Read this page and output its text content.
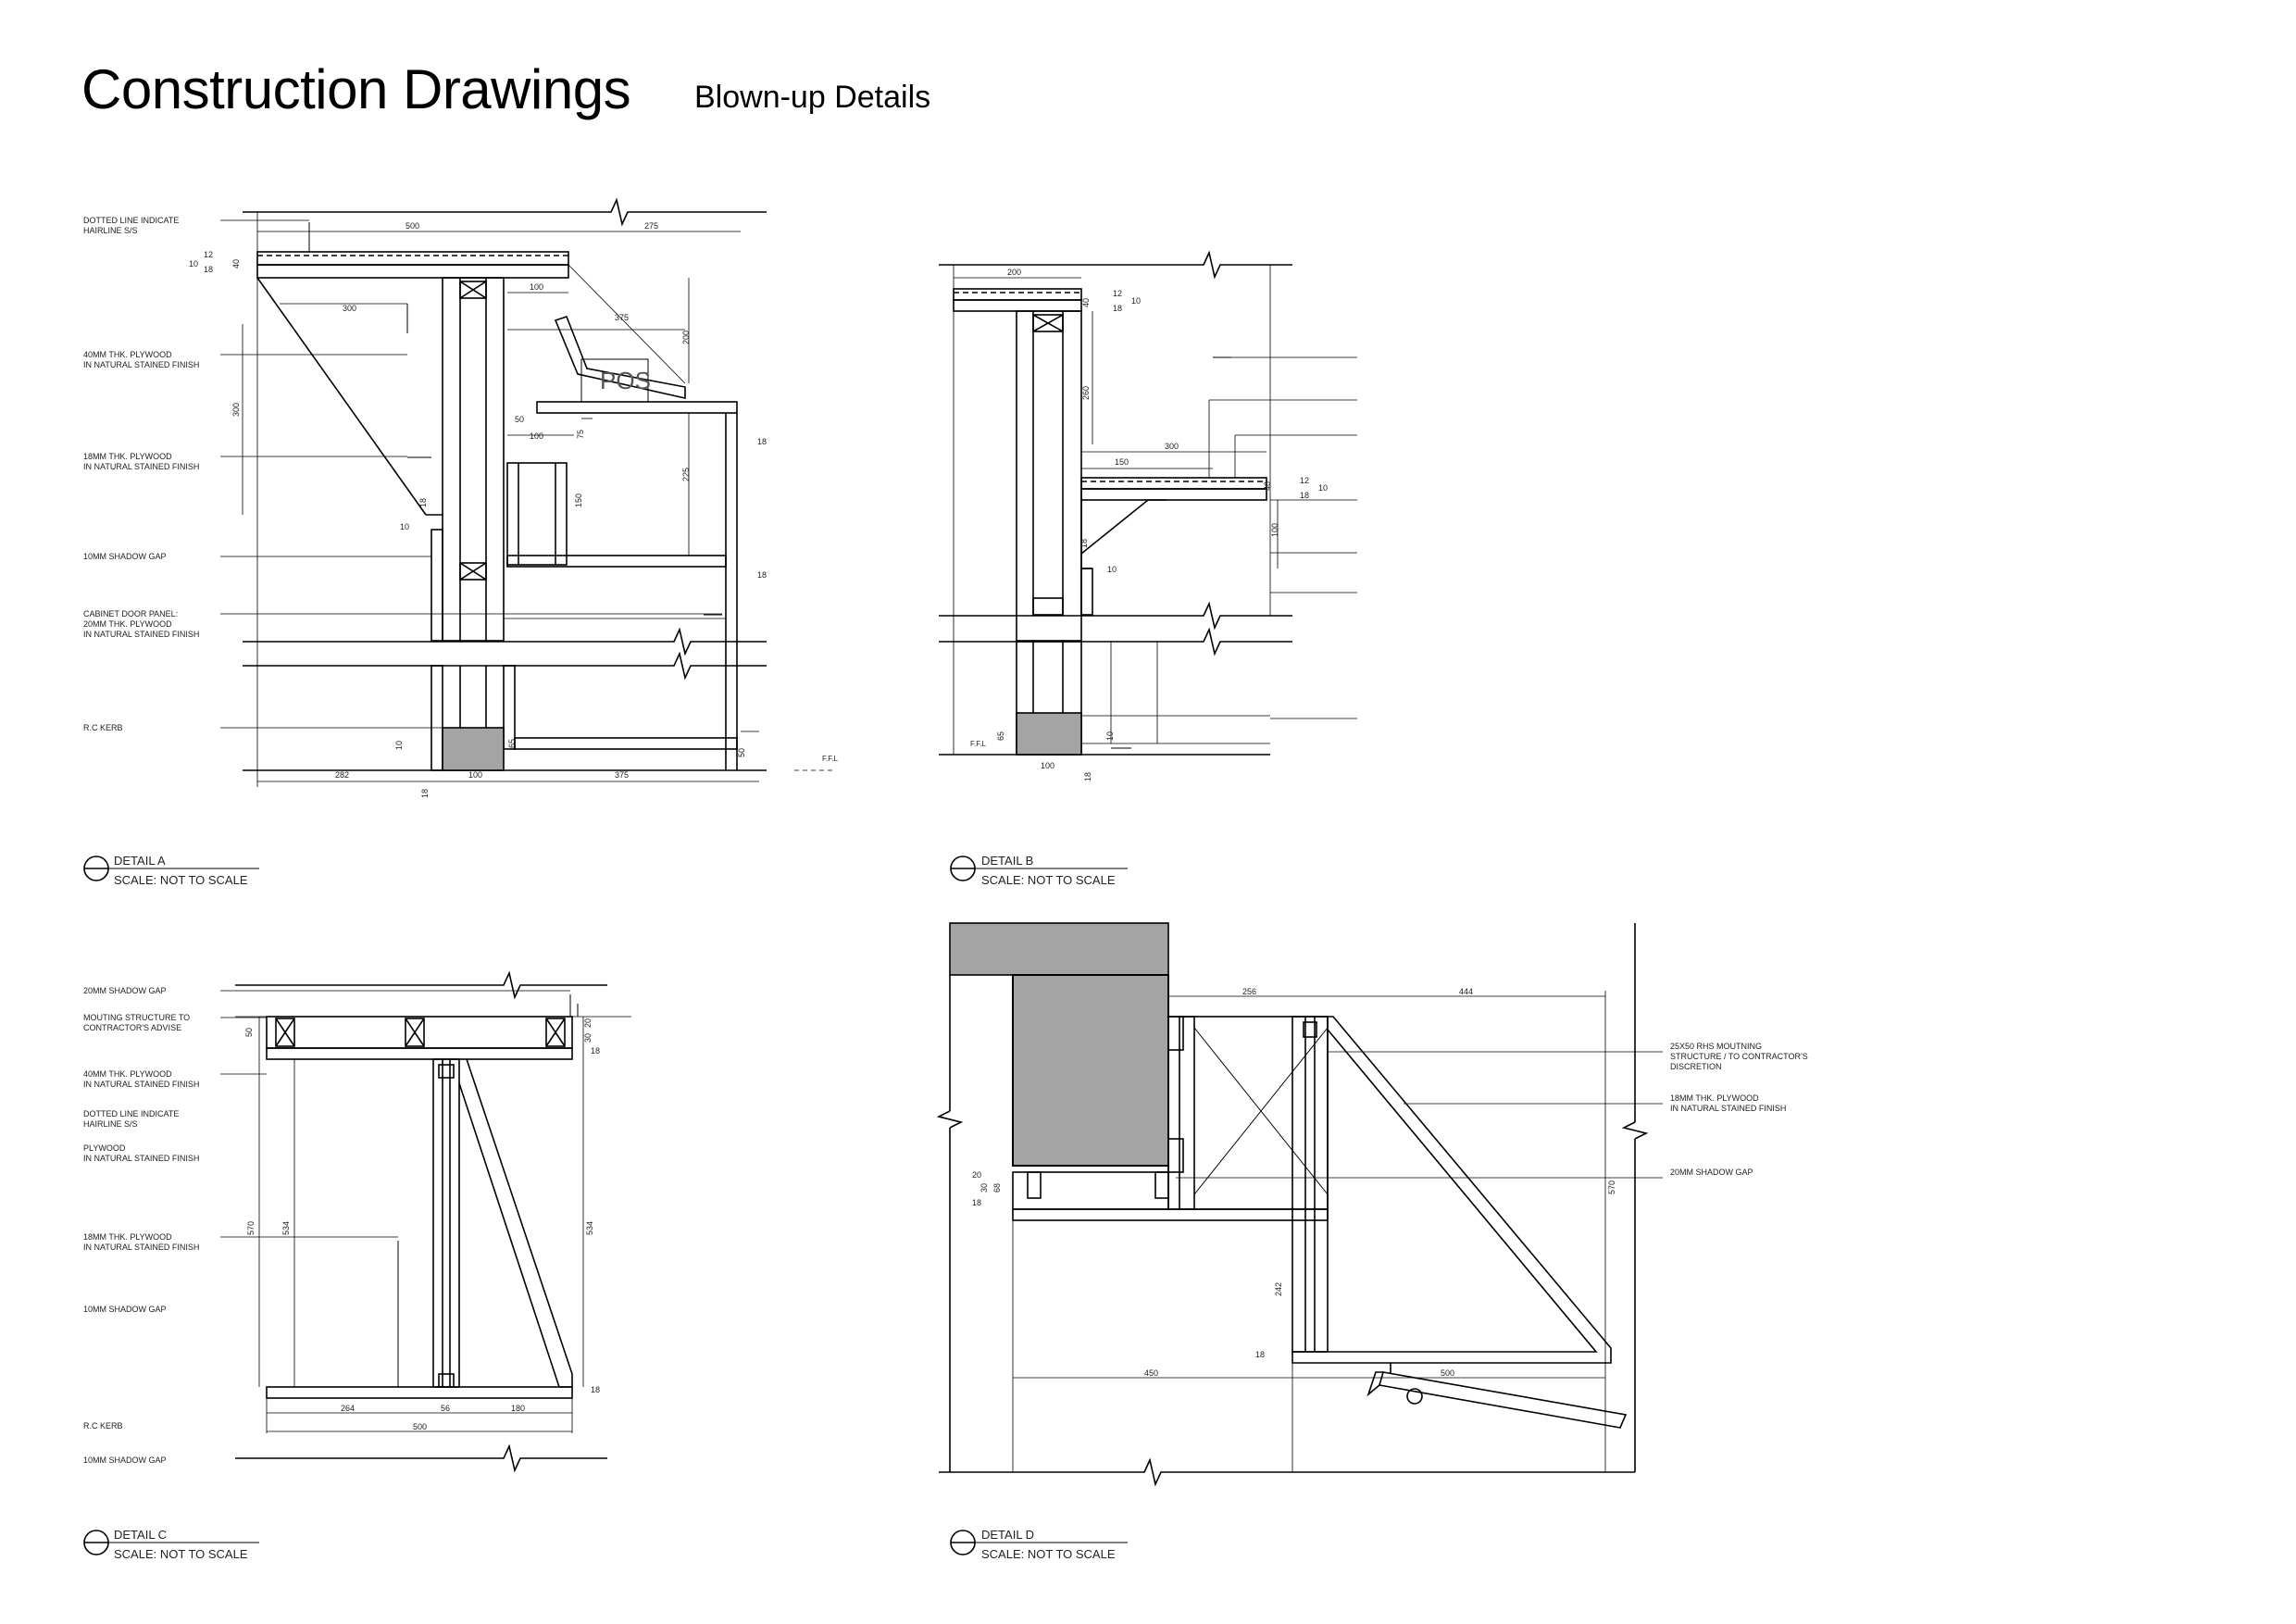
Construction Drawings Blown-up Details
DOTTED LINE INDICATE HAIRLINE S/S
40MM THK. PLYWOOD IN NATURAL STAINED FINISH
18MM THK. PLYWOOD IN NATURAL STAINED FINISH
10MM SHADOW GAP
CABINET DOOR PANEL: 20MM THK. PLYWOOD IN NATURAL STAINED FINISH
R.C KERB
20MM SHADOW GAP
MOUTING STRUCTURE TO CONTRACTOR'S ADVISE
40MM THK. PLYWOOD IN NATURAL STAINED FINISH
DOTTED LINE INDICATE HAIRLINE S/S
PLYWOOD IN NATURAL STAINED FINISH
18MM THK. PLYWOOD IN NATURAL STAINED FINISH
10MM SHADOW GAP
R.C KERB
10MM SHADOW GAP
25X50 RHS MOUTNING STRUCTURE / TO CONTRACTOR'S DISCRETION
18MM THK. PLYWOOD IN NATURAL STAINED FINISH
20MM SHADOW GAP
500	275
12
10
18
40
100
300
375
200
300
50
100	75
18
225
150
10
18
18
10	65
50
282	100	375
18
200
40
12
10
18
260
300
150
40
12
10
18
100
18
10
65	10
100
18
50
20
30
18
570	534	534
18
264	56	180
500
256	444
20
30 68
18
570
242
18
450	500
DETAIL A
SCALE: NOT TO SCALE
DETAIL B
SCALE: NOT TO SCALE
DETAIL C
SCALE: NOT TO SCALE
DETAIL D
SCALE: NOT TO SCALE
POS
F.F.L
F.F.L
